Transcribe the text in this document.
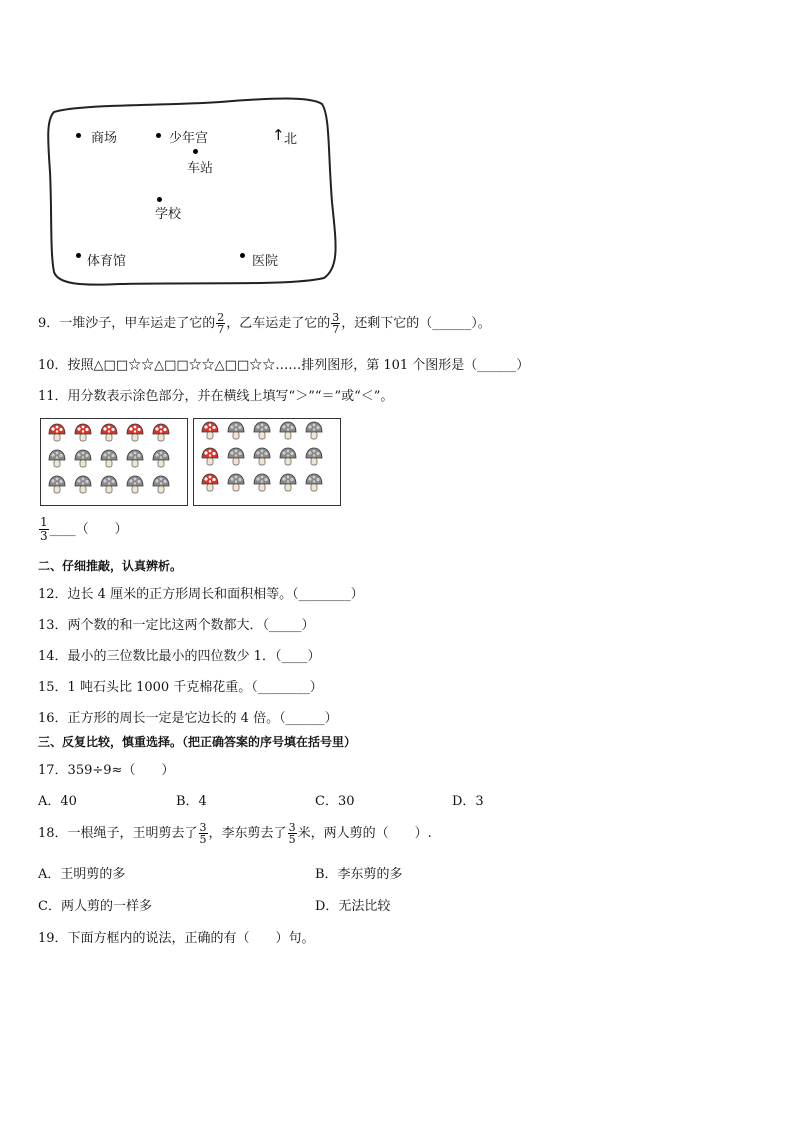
商场	少年宫	↑ 北
车站
学校
体育馆	医院
9．一堆沙子，甲车运走了它的 $\frac{2}{7}$ ，乙车运走了它的 $\frac{3}{7}$ ，还剩下它的（______）。
10．按照△□□☆☆△□□☆☆△□□☆☆……排列图形，第 101 个图形是（______）
11．用分数表示涂色部分，并在横线上填写“＞”“＝”或“＜”。
$\frac{1}{3}$ ____（　　）
二、仔细推敲，认真辨析。
12．边长 4 厘米的正方形周长和面积相等。（________）
13．两个数的和一定比这两个数都大．（_____）
14．最小的三位数比最小的四位数少 1．（____）
15．1 吨石头比 1000 千克棉花重。（________）
16．正方形的周长一定是它边长的 4 倍。（______）
三、反复比较，慎重选择。（把正确答案的序号填在括号里）
17．359÷9≈（　　）
A．40	B．4	C．30	D．3
18．一根绳子，王明剪去了 $\frac{3}{5}$ ，李东剪去了 $\frac{3}{5}$ 米，两人剪的（　　）.
A．王明剪的多	B．李东剪的多
C．两人剪的一样多	D．无法比较
19．下面方框内的说法，正确的有（　　）句。
